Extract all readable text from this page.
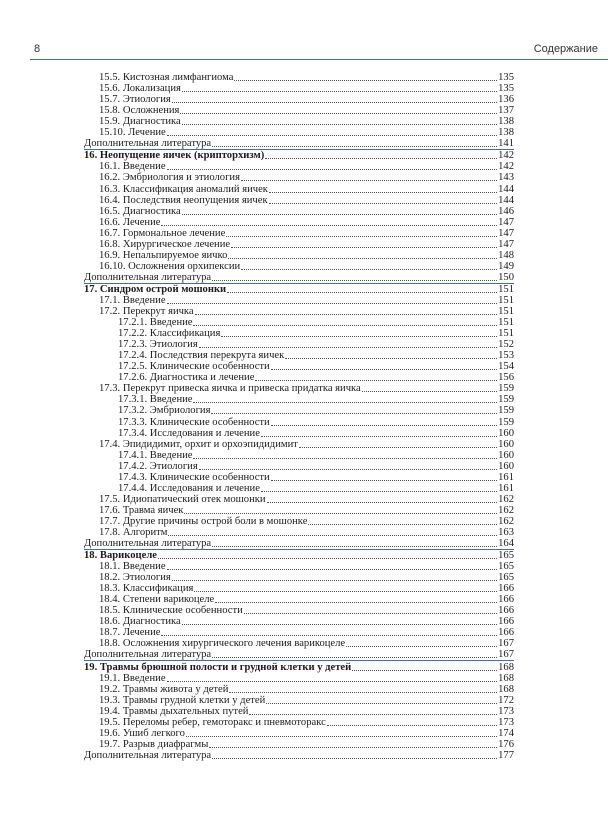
8	Содержание
15.5. Кистозная лимфангиома	135
15.6. Локализация	135
15.7. Этиология	136
15.8. Осложнения	137
15.9. Диагностика	138
15.10. Лечение	138
Дополнительная литература	141
16. Неопущение яичек (крипторхизм)	142
16.1. Введение	142
16.2. Эмбриология и этиология	143
16.3. Классификация аномалий яичек	144
16.4. Последствия неопущения яичек	144
16.5. Диагностика	146
16.6. Лечение	147
16.7. Гормональное лечение	147
16.8. Хирургическое лечение	147
16.9. Непальпируемое яичко	148
16.10. Осложнения орхипексии	149
Дополнительная литература	150
17. Синдром острой мошонки	151
17.1. Введение	151
17.2. Перекрут яичка	151
17.2.1. Введение	151
17.2.2. Классификация	151
17.2.3. Этиология	152
17.2.4. Последствия перекрута яичек	153
17.2.5. Клинические особенности	154
17.2.6. Диагностика и лечение	156
17.3. Перекрут привеска яичка и привеска придатка яичка	159
17.3.1. Введение	159
17.3.2. Эмбриология	159
17.3.3. Клинические особенности	159
17.3.4. Исследования и лечение	160
17.4. Эпидидимит, орхит и орхоэпидидимит	160
17.4.1. Введение	160
17.4.2. Этиология	160
17.4.3. Клинические особенности	161
17.4.4. Исследования и лечение	161
17.5. Идиопатический отек мошонки	162
17.6. Травма яичек	162
17.7. Другие причины острой боли в мошонке	162
17.8. Алгоритм	163
Дополнительная литература	164
18. Варикоцеле	165
18.1. Введение	165
18.2. Этиология	165
18.3. Классификация	166
18.4. Степени варикоцеле	166
18.5. Клинические особенности	166
18.6. Диагностика	166
18.7. Лечение	166
18.8. Осложнения хирургического лечения варикоцеле	167
Дополнительная литература	167
19. Травмы брюшной полости и грудной клетки у детей	168
19.1. Введение	168
19.2. Травмы живота у детей	168
19.3. Травмы грудной клетки у детей	172
19.4. Травмы дыхательных путей	173
19.5. Переломы ребер, гемоторакс и пневмоторакс	173
19.6. Ушиб легкого	174
19.7. Разрыв диафрагмы	176
Дополнительная литература	177
